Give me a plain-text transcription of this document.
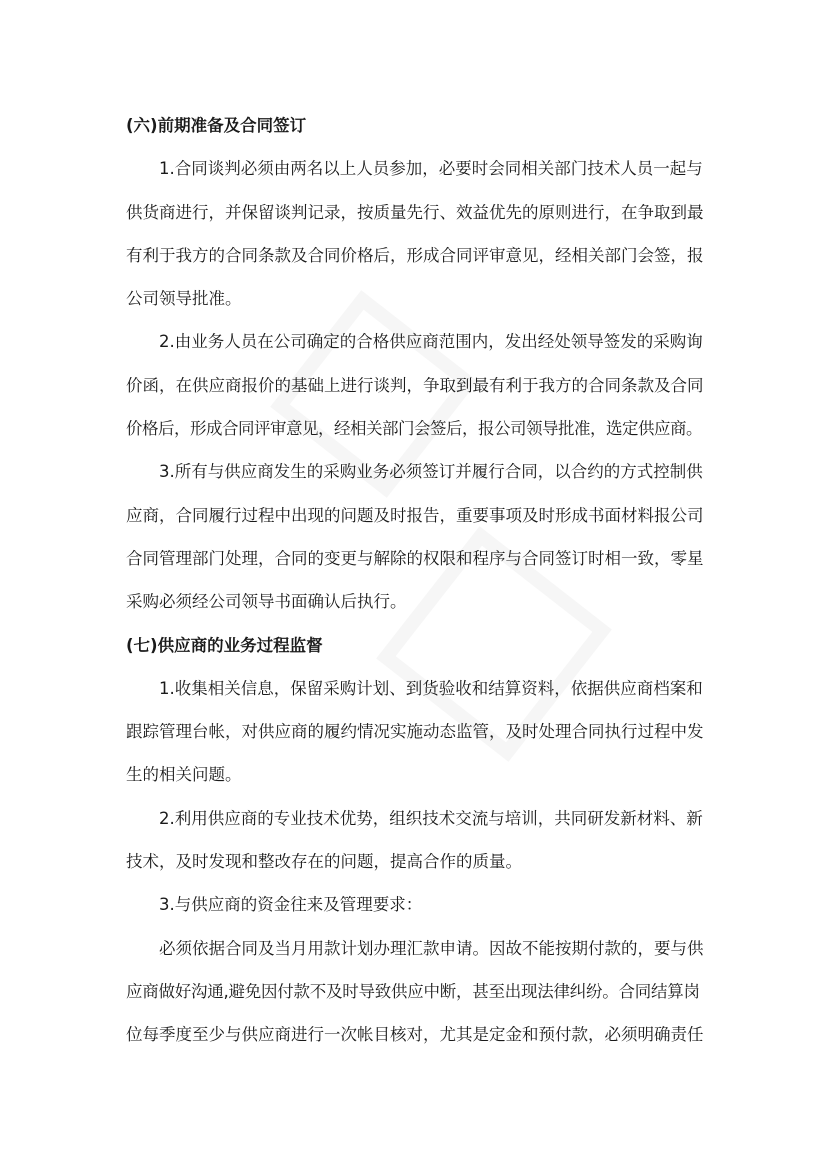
(六)前期准备及合同签订

1.合同谈判必须由两名以上人员参加，必要时会同相关部门技术人员一起与
供货商进行，并保留谈判记录，按质量先行、效益优先的原则进行，在争取到最
有利于我方的合同条款及合同价格后，形成合同评审意见，经相关部门会签，报
公司领导批准。

2.由业务人员在公司确定的合格供应商范围内，发出经处领导签发的采购询
价函，在供应商报价的基础上进行谈判，争取到最有利于我方的合同条款及合同
价格后，形成合同评审意见，经相关部门会签后，报公司领导批准，选定供应商。

3.所有与供应商发生的采购业务必须签订并履行合同，以合约的方式控制供
应商，合同履行过程中出现的问题及时报告，重要事项及时形成书面材料报公司
合同管理部门处理，合同的变更与解除的权限和程序与合同签订时相一致，零星
采购必须经公司领导书面确认后执行。

(七)供应商的业务过程监督

1.收集相关信息，保留采购计划、到货验收和结算资料，依据供应商档案和
跟踪管理台帐，对供应商的履约情况实施动态监管，及时处理合同执行过程中发
生的相关问题。

2.利用供应商的专业技术优势，组织技术交流与培训，共同研发新材料、新
技术，及时发现和整改存在的问题，提高合作的质量。

3.与供应商的资金往来及管理要求：

必须依据合同及当月用款计划办理汇款申请。因故不能按期付款的，要与供
应商做好沟通,避免因付款不及时导致供应中断，甚至出现法律纠纷。合同结算岗
位每季度至少与供应商进行一次帐目核对，尤其是定金和预付款，必须明确责任
